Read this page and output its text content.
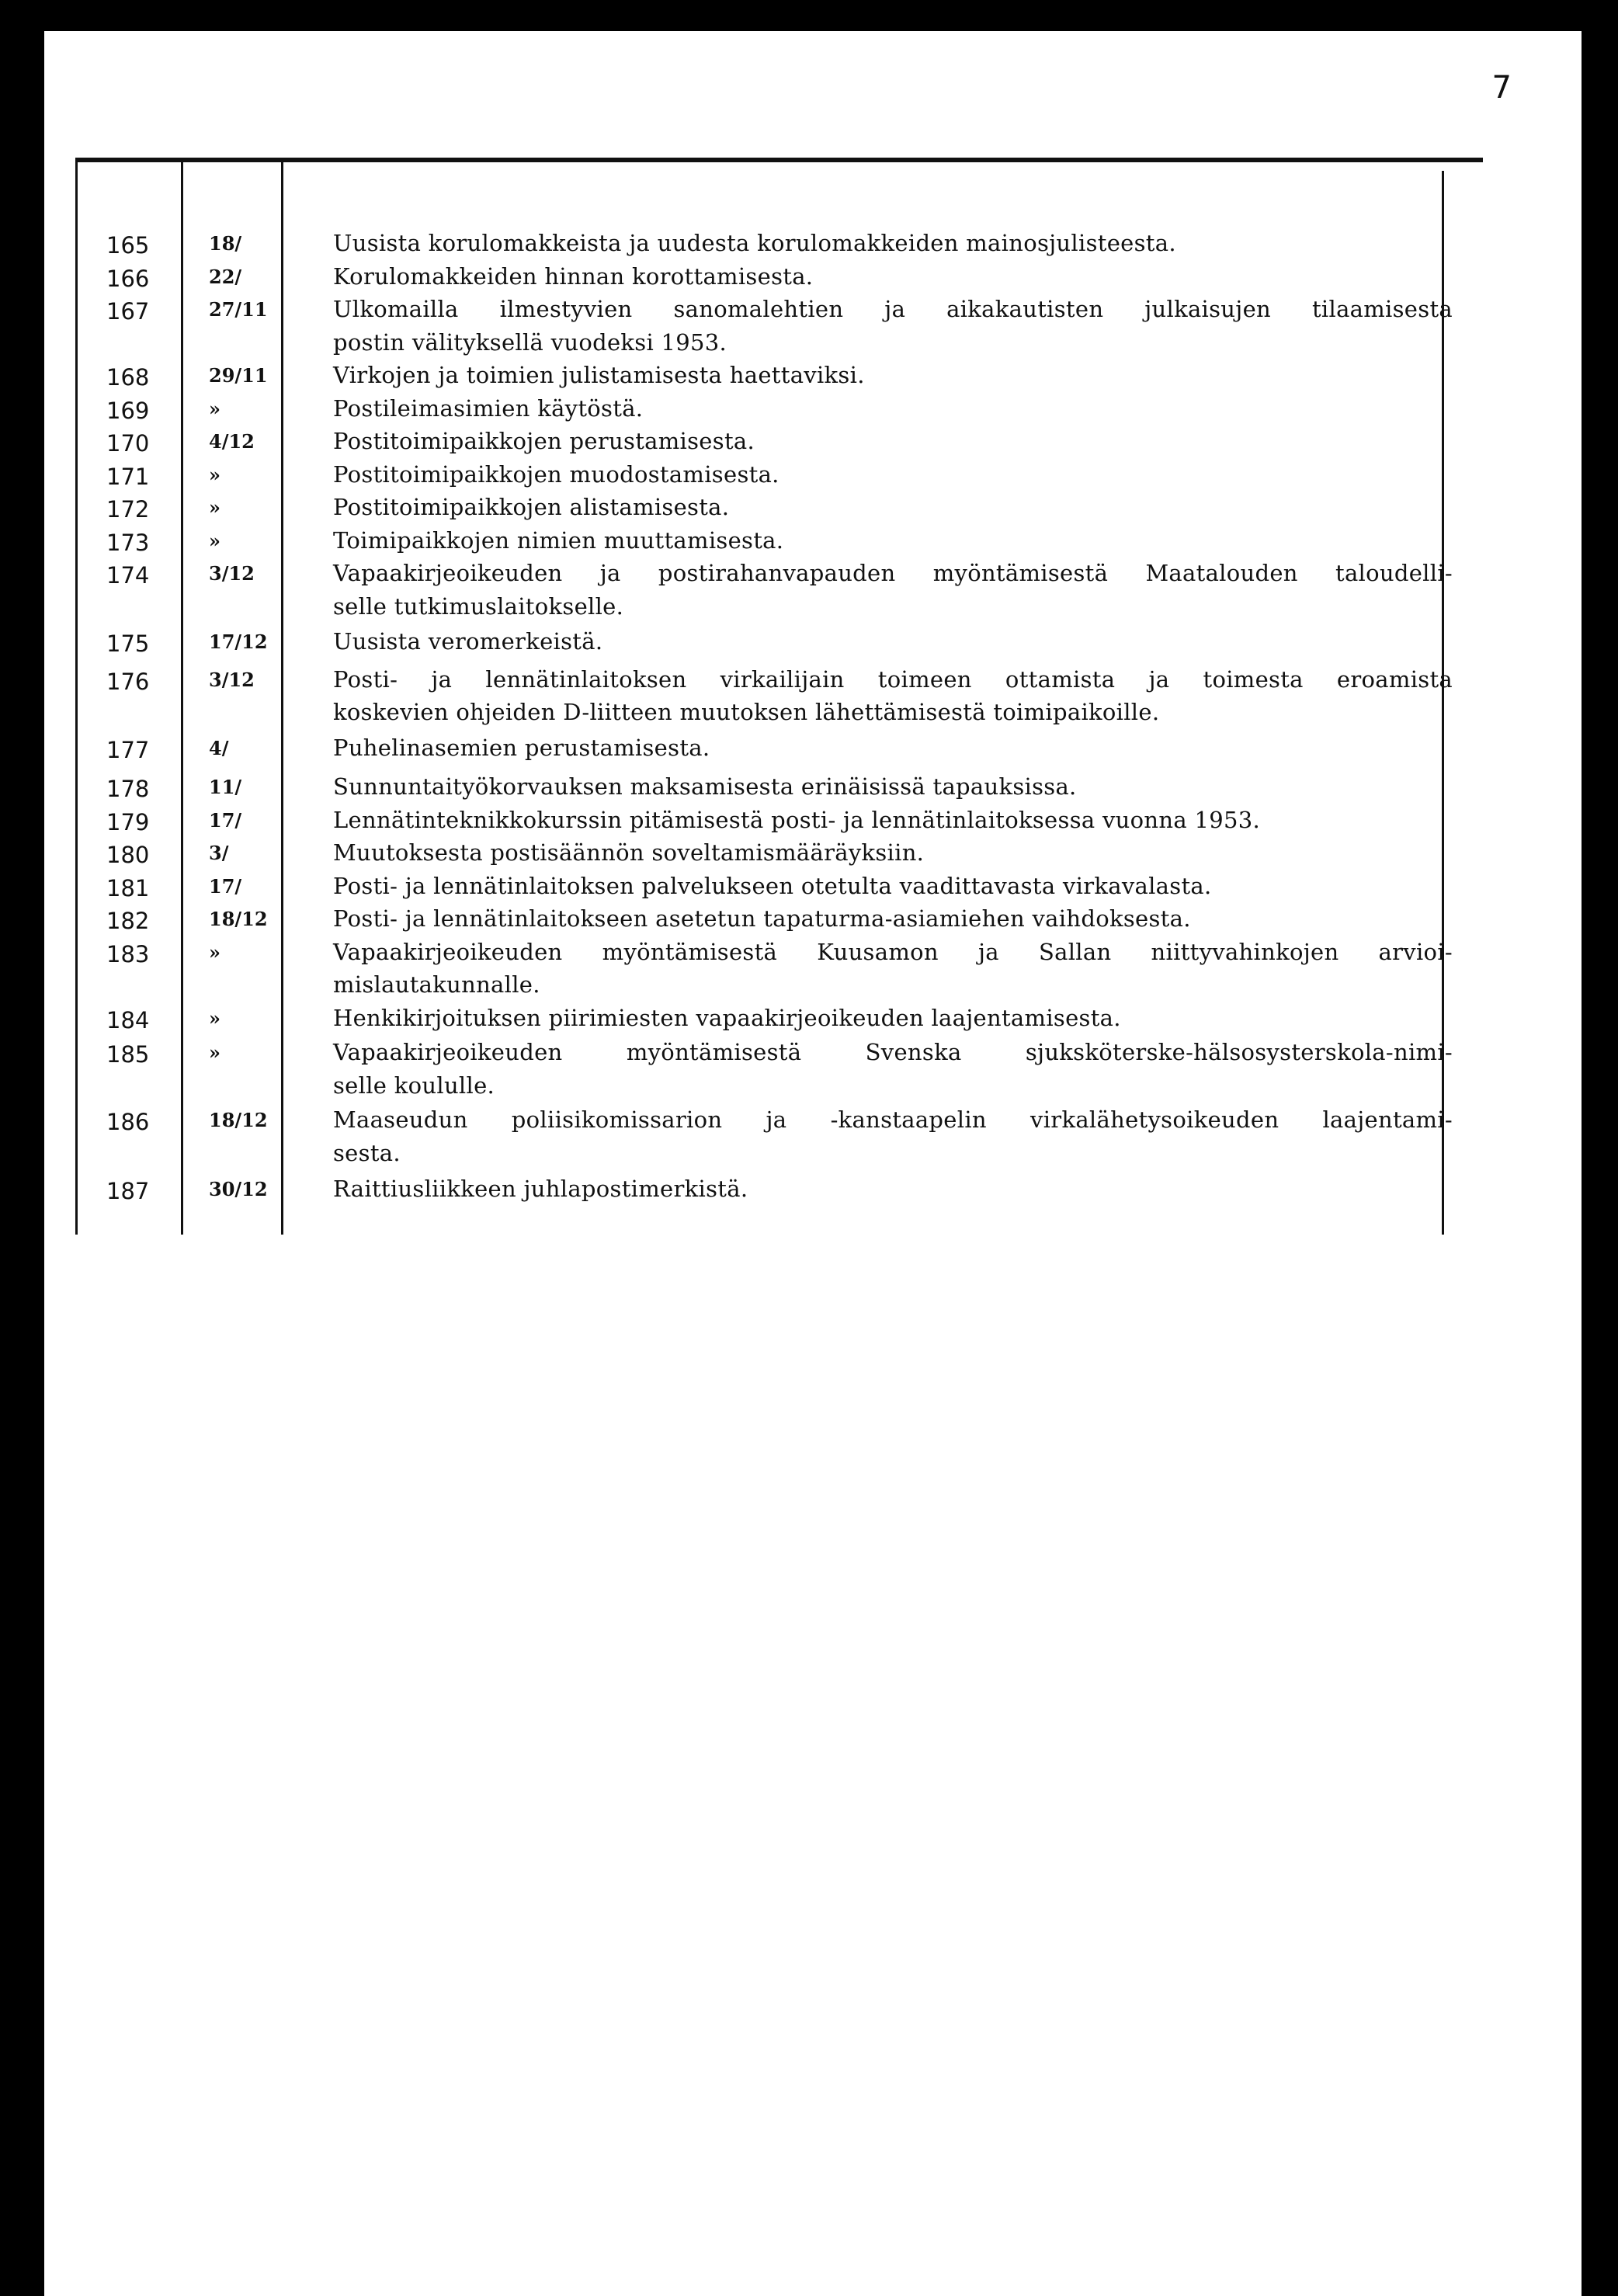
7
165	18/	Uusista korulomakkeista ja uudesta korulomakkeiden mainosjulisteesta.
166	22/	Korulomakkeiden hinnan korottamisesta.
167	27/11	Ulkomailla ilmestyvien sanomalehtien ja aikakautisten julkaisujen tilaamisesta
postin välityksellä vuodeksi 1953.
168	29/11	Virkojen ja toimien julistamisesta haettaviksi.
169	»	Postileimasimien käytöstä.
170	4/12	Postitoimipaikkojen perustamisesta.
171	»	Postitoimipaikkojen muodostamisesta.
172	»	Postitoimipaikkojen alistamisesta.
173	»	Toimipaikkojen nimien muuttamisesta.
174	3/12	Vapaakirjeoikeuden ja postirahanvapauden myöntämisestä Maatalouden taloudelli-
selle tutkimuslaitokselle.
175	17/12	Uusista veromerkeistä.
176	3/12	Posti- ja lennätinlaitoksen virkailijain toimeen ottamista ja toimesta eroamista
koskevien ohjeiden D-liitteen muutoksen lähettämisestä toimipaikoille.
177	4/	Puhelinasemien perustamisesta.
178	11/	Sunnuntaityökorvauksen maksamisesta erinäisissä tapauksissa.
179	17/	Lennätinteknikkokurssin pitämisestä posti- ja lennätinlaitoksessa vuonna 1953.
180	3/	Muutoksesta postisäännön soveltamismääräyksiin.
181	17/	Posti- ja lennätinlaitoksen palvelukseen otetulta vaadittavasta virkavalasta.
182	18/12	Posti- ja lennätinlaitokseen asetetun tapaturma-asiamiehen vaihdoksesta.
183	»	Vapaakirjeoikeuden myöntämisestä Kuusamon ja Sallan niittyvahinkojen arvioi-
mislautakunnalle.
184	»	Henkikirjoituksen piirimiesten vapaakirjeoikeuden laajentamisesta.
185	»	Vapaakirjeoikeuden myöntämisestä Svenska sjuksköterske-hälsosysterskola-nimi-
selle koululle.
186	18/12	Maaseudun poliisikomissarion ja -kanstaapelin virkalähetysoikeuden laajentami-
sesta.
187	30/12	Raittiusliikkeen juhlapostimerkistä.
